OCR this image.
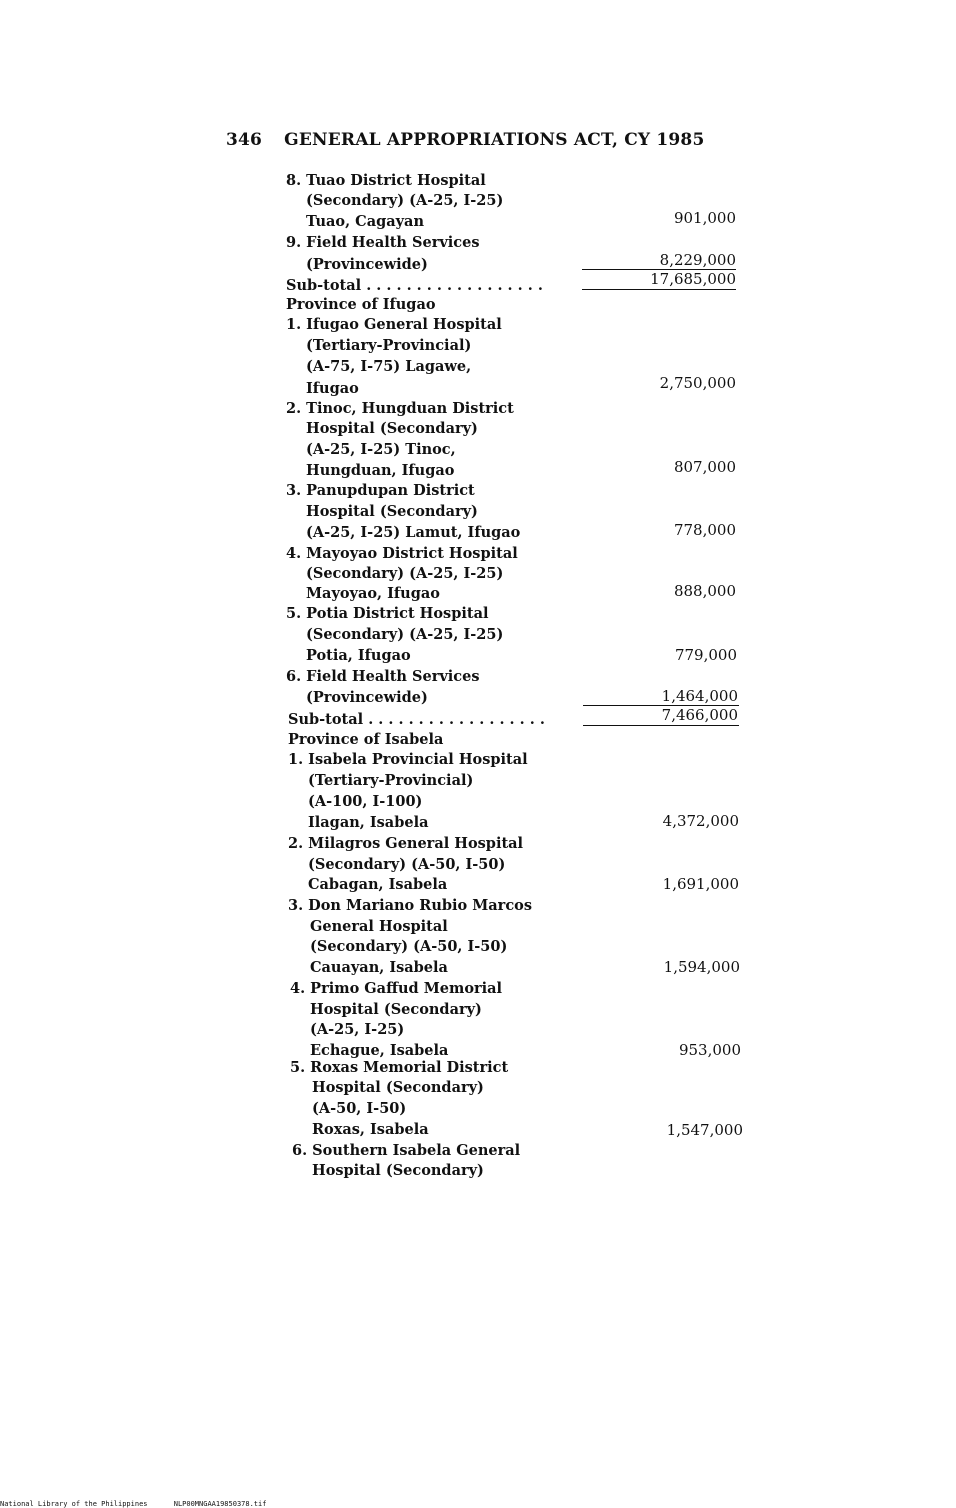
346 GENERAL APPROPRIATIONS ACT, CY 1985
8. Tuao District Hospital
(Secondary) (A-25, I-25)
Tuao, Cagayan
9. Field Health Services
(Provincewide)
Sub-total . . . . . . . . . . . . . . . . . .
Province of Ifugao
1. Ifugao General Hospital
(Tertiary-Provincial)
(A-75, I-75) Lagawe,
Ifugao
2. Tinoc, Hungduan District
Hospital (Secondary)
(A-25, I-25) Tinoc,
Hungduan, Ifugao
3. Panupdupan District
Hospital (Secondary)
(A-25, I-25) Lamut, Ifugao
4. Mayoyao District Hospital
(Secondary) (A-25, I-25)
Mayoyao, Ifugao
5. Potia District Hospital
(Secondary) (A-25, I-25)
Potia, Ifugao
6. Field Health Services
(Provincewide)
Sub-total . . . . . . . . . . . . . . . . . .
Province of Isabela
1. Isabela Provincial Hospital
(Tertiary-Provincial)
(A-100, I-100)
Ilagan, Isabela
2. Milagros General Hospital
(Secondary) (A-50, I-50)
Cabagan, Isabela
3. Don Mariano Rubio Marcos
General Hospital
(Secondary) (A-50, I-50)
Cauayan, Isabela
4. Primo Gaffud Memorial
Hospital (Secondary)
(A-25, I-25)
Echague, Isabela
5. Roxas Memorial District
Hospital (Secondary)
(A-50, I-50)
Roxas, Isabela
6. Southern Isabela General
Hospital (Secondary)
901,000
8,229,000
17,685,000
2,750,000
807,000
778,000
888,000
779,000
1,464,000
7,466,000
4,372,000
1,691,000
1,594,000
953,000
1,547,000
National Library of the Philippines	NLP00MNGAA19850378.tif
